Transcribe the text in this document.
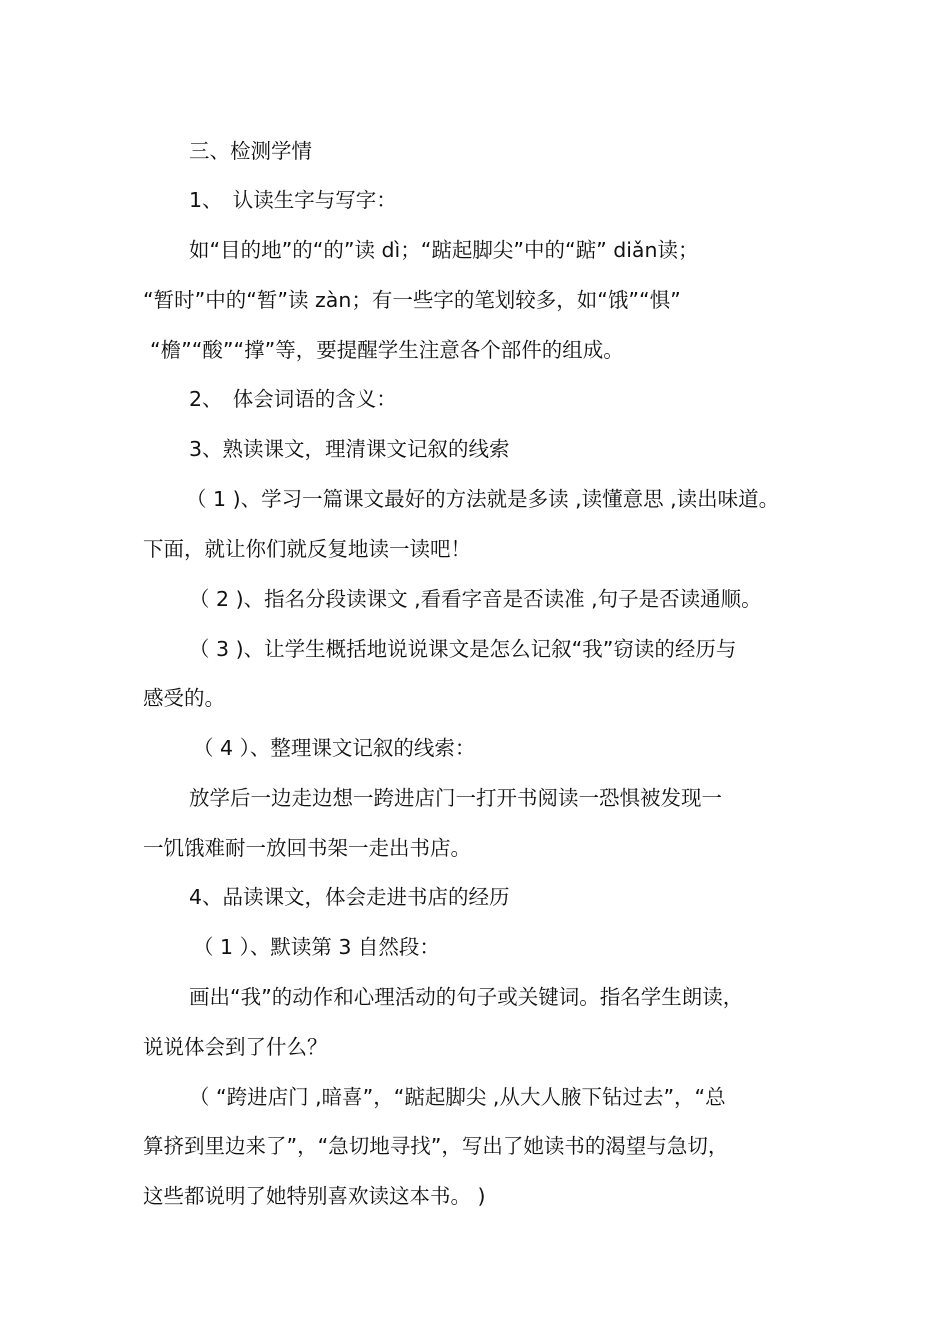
三、检测学情
1、　认读生字与写字：
如“目的地”的“的”读 dì；“踮起脚尖”中的“踮” diǎn读；
“暂时”中的“暂”读 zàn；有一些字的笔划较多，如“饿”“惧”
“檐”“酸”“撑”等，要提醒学生注意各个部件的组成。
2、　体会词语的含义：
3、熟读课文，理清课文记叙的线索
（ 1 )、学习一篇课文最好的方法就是多读 ,读懂意思 ,读出味道。
下面，就让你们就反复地读一读吧！
（ 2 )、指名分段读课文 ,看看字音是否读准 ,句子是否读通顺。
（ 3 )、让学生概括地说说课文是怎么记叙“我”窃读的经历与
感受的。
（ 4 ）、整理课文记叙的线索：
放学后一边走边想一跨进店门一打开书阅读一恐惧被发现一
一饥饿难耐一放回书架一走出书店。
4、品读课文，体会走进书店的经历
（ 1 ）、默读第 3 自然段：
画出“我”的动作和心理活动的句子或关键词。指名学生朗读，
说说体会到了什么？
（ “跨进店门 ,暗喜”，“踮起脚尖 ,从大人腋下钻过去”，“总
算挤到里边来了”，“急切地寻找”，写出了她读书的渴望与急切，
这些都说明了她特别喜欢读这本书。 )
